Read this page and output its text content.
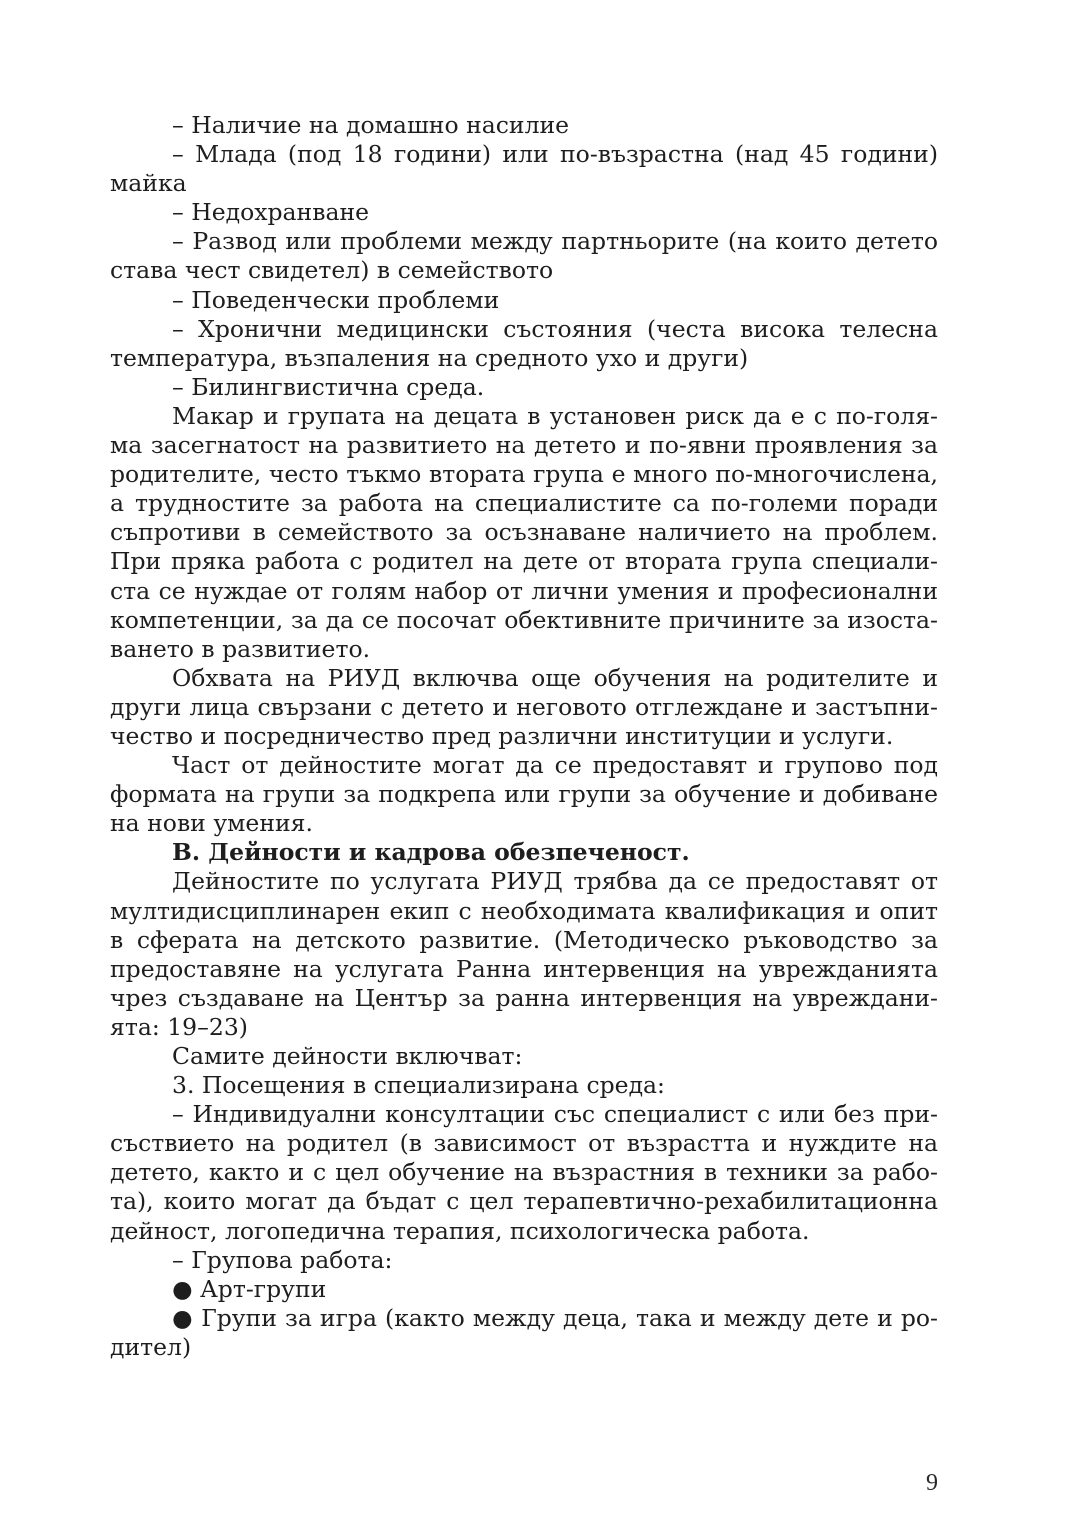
– Наличие на домашно насилие

– Млада (под 18 години) или по-възрастна (над 45 години)

майка

– Недохранване

– Развод или проблеми между партньорите (на които детето

става чест свидетел) в семейството

– Поведенчески проблеми

– Хронични медицински състояния (честа висока телесна

температура, възпаления на средното ухо и други)

– Билингвистична среда.

Макар и групата на децата в установен риск да е с по-голя-

ма засегнатост на развитието на детето и по-явни проявления за

родителите, често тъкмо втората група е много по-многочислена,

а трудностите за работа на специалистите са по-големи поради

съпротиви в семейството за осъзнаване наличието на проблем.

При пряка работа с родител на дете от втората група специали-

ста се нуждае от голям набор от лични умения и професионални

компетенции, за да се посочат обективните причините за изоста-

ването в развитието.

Обхвата на РИУД включва още обучения на родителите и

други лица свързани с детето и неговото отглеждане и застъпни-

чество и посредничество пред различни институции и услуги.

Част от дейностите могат да се предоставят и групово под

формата на групи за подкрепа или групи за обучение и добиване

на нови умения.

В. Дейности и кадрова обезпеченост.

Дейностите по услугата РИУД трябва да се предоставят от

мултидисциплинарен екип с необходимата квалификация и опит

в сферата на детското развитие. (Методическо ръководство за

предоставяне на услугата Ранна интервенция на уврежданията

чрез създаване на Център за ранна интервенция на увреждани-

ята: 19–23)

Самите дейности включват:

3. Посещения в специализирана среда:

– Индивидуални консултации със специалист с или без при-

съствието на родител (в зависимост от възрастта и нуждите на

детето, както и с цел обучение на възрастния в техники за рабо-

та), които могат да бъдат с цел терапевтично-рехабилитационна

дейност, логопедична терапия, психологическа работа.

– Групова работа:

● Арт-групи

● Групи за игра (както между деца, така и между дете и ро-

дител)

9
